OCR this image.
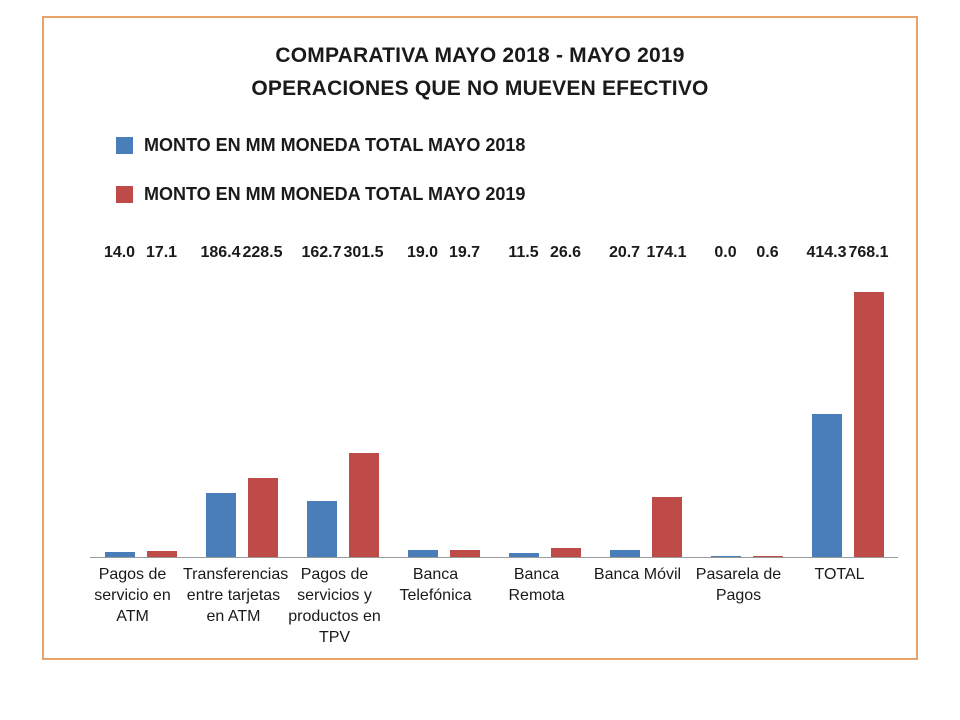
COMPARATIVA MAYO 2018 - MAYO 2019
OPERACIONES QUE NO MUEVEN EFECTIVO
MONTO EN MM MONEDA TOTAL MAYO 2018
MONTO EN MM MONEDA TOTAL MAYO 2019
14.0 17.1 186.4 228.5 162.7 301.5 19.0 19.7 11.5 26.6 20.7 174.1 0.0 0.6 414.3 768.1
Pagos de
servicio en
ATM
Transferencias
entre tarjetas
en ATM
Pagos de
servicios y
productos en
TPV
Banca
Telefónica
Banca Remota
Banca Móvil Pasarela de
Pagos
TOTAL
